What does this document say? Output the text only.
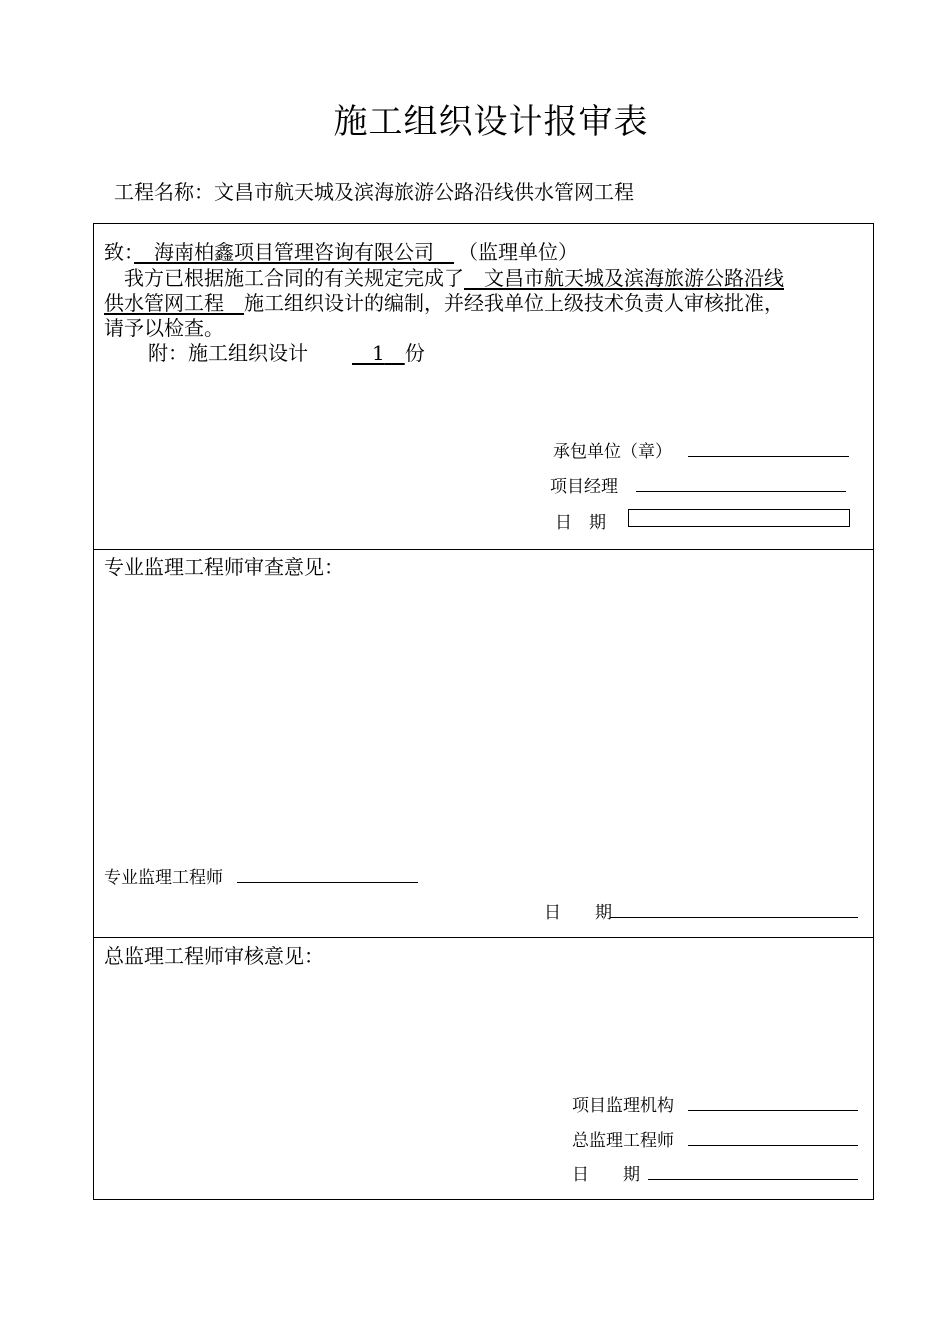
施工组织设计报审表
工程名称：文昌市航天城及滨海旅游公路沿线供水管网工程
致：　 海南柏鑫项目管理咨询有限公司　 （监理单位）
我方已根据施工合同的有关规定完成了　 文昌市航天城及滨海旅游公路沿线
供水管网工程　 施工组织设计的编制，并经我单位上级技术负责人审核批准，
请予以检查。
附：施工组织设计　	1　 份
承包单位（章）
项目经理
日　期
专业监理工程师审查意见：
专业监理工程师
日　　期
总监理工程师审核意见：
项目监理机构
总监理工程师
日　　期
